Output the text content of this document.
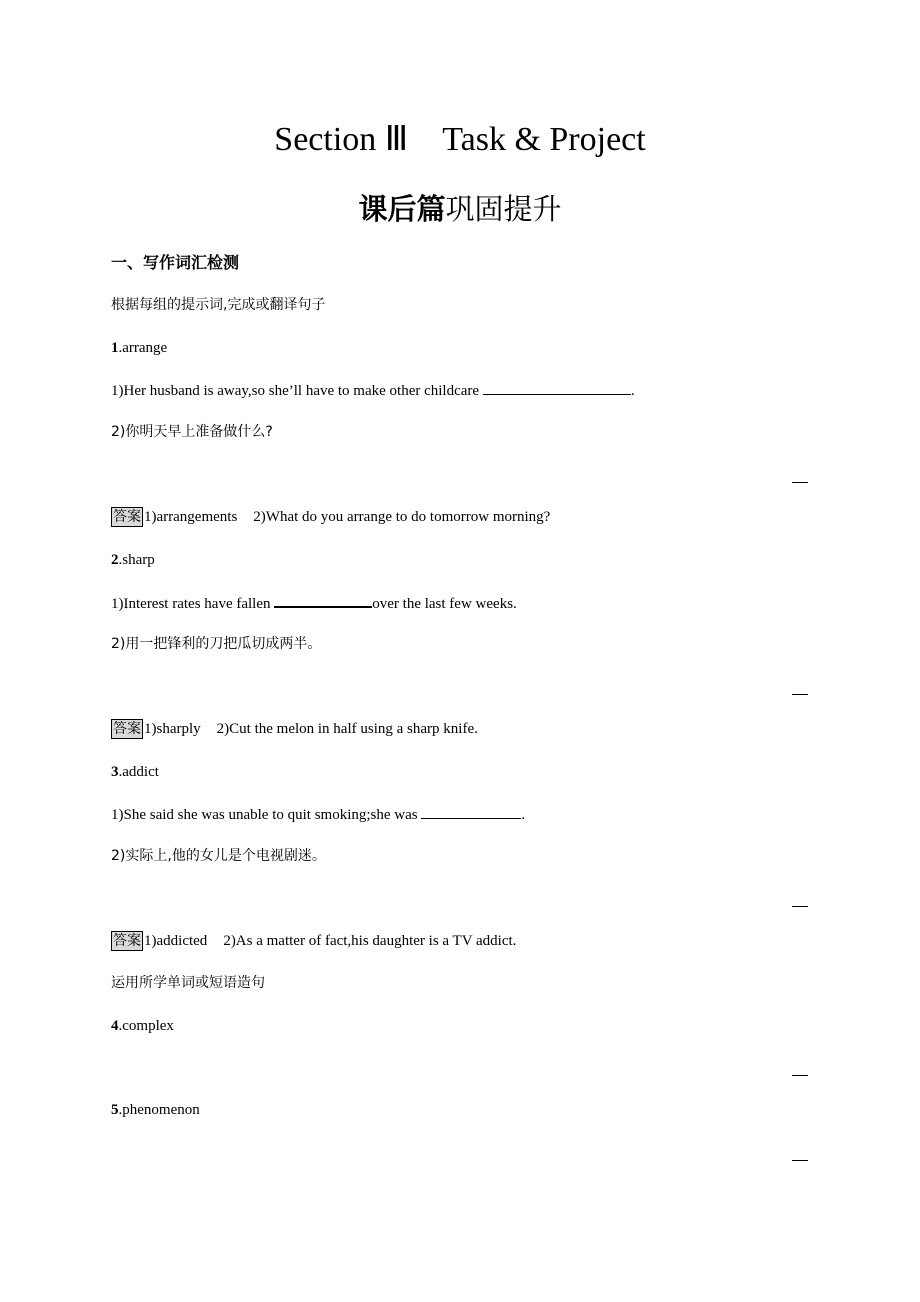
Section Ⅲ Task & Project
课后篇巩固提升
一、写作词汇检测
根据每组的提示词,完成或翻译句子
1.arrange
1)Her husband is away,so she’ll have to make other childcare	.
2)你明天早上准备做什么?
答案 1)arrangements 2)What do you arrange to do tomorrow morning?
2.sharp
1)Interest rates have fallen	over the last few weeks.
2)用一把锋利的刀把瓜切成两半。
答案 1)sharply 2)Cut the melon in half using a sharp knife.
3.addict
1)She said she was unable to quit smoking;she was	.
2)实际上,他的女儿是个电视剧迷。
答案 1)addicted 2)As a matter of fact,his daughter is a TV addict.
运用所学单词或短语造句
4.complex
5.phenomenon
